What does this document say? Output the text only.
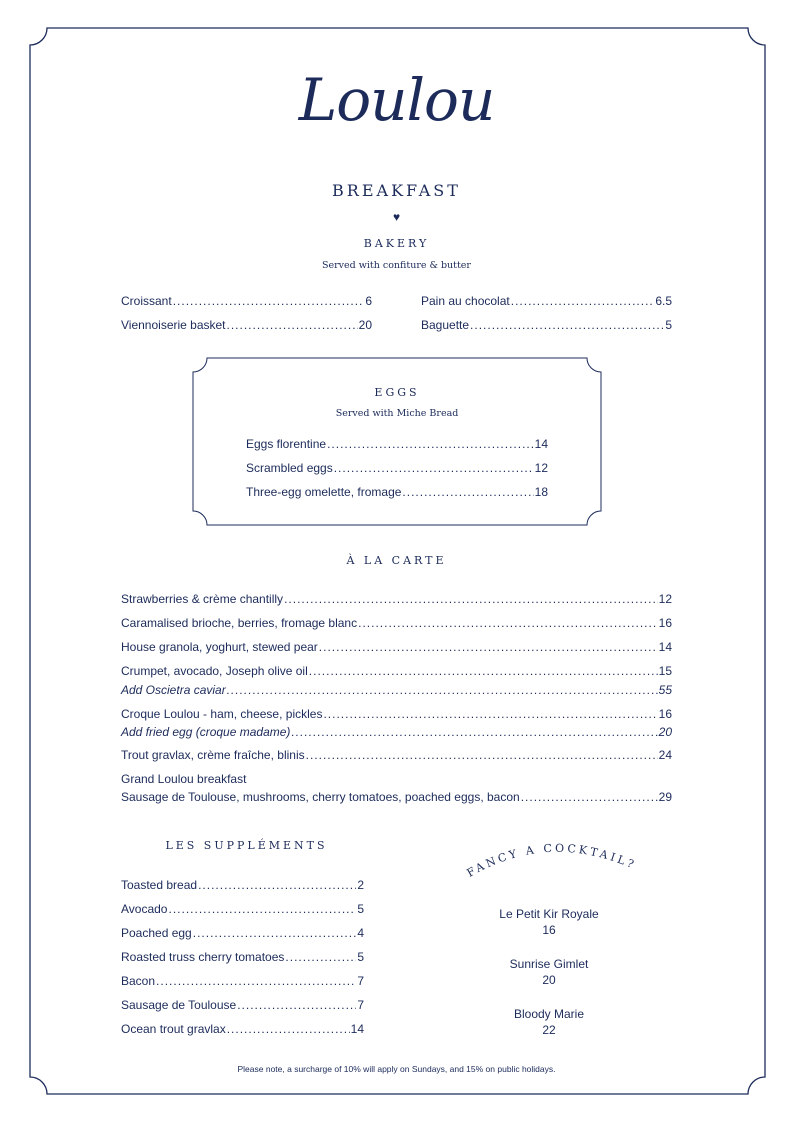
FANCY A COCKTAIL?
Loulou
BREAKFAST
♥
BAKERY
Served with confiture & butter
Croissant .....	6
Viennoiserie basket .....	20
Pain au chocolat .....	6.5
Baguette .....	5
EGGS
Served with Miche Bread
Eggs florentine .....	14
Scrambled eggs .....	12
Three-egg omelette, fromage .....	18
À LA CARTE
Strawberries & crème chantilly .....	12
Caramalised brioche, berries, fromage blanc .....	16
House granola, yoghurt, stewed pear .....	14
Crumpet, avocado, Joseph olive oil .....	15
Add Oscietra caviar .....	55
Croque Loulou - ham, cheese, pickles .....	16
Add fried egg (croque madame) .....	20
Trout gravlax, crème fraîche, blinis .....	24
Grand Loulou breakfast
Sausage de Toulouse, mushrooms, cherry tomatoes, poached eggs, bacon .....	29
LES SUPPLÉMENTS
Toasted bread .....	2
Avocado .....	5
Poached egg .....	4
Roasted truss cherry tomatoes .....	5
Bacon .....	7
Sausage de Toulouse .....	7
Ocean trout gravlax .....	14
Le Petit Kir Royale
16
Sunrise Gimlet
20
Bloody Marie
22
Please note, a surcharge of 10% will apply on Sundays, and 15% on public holidays.
